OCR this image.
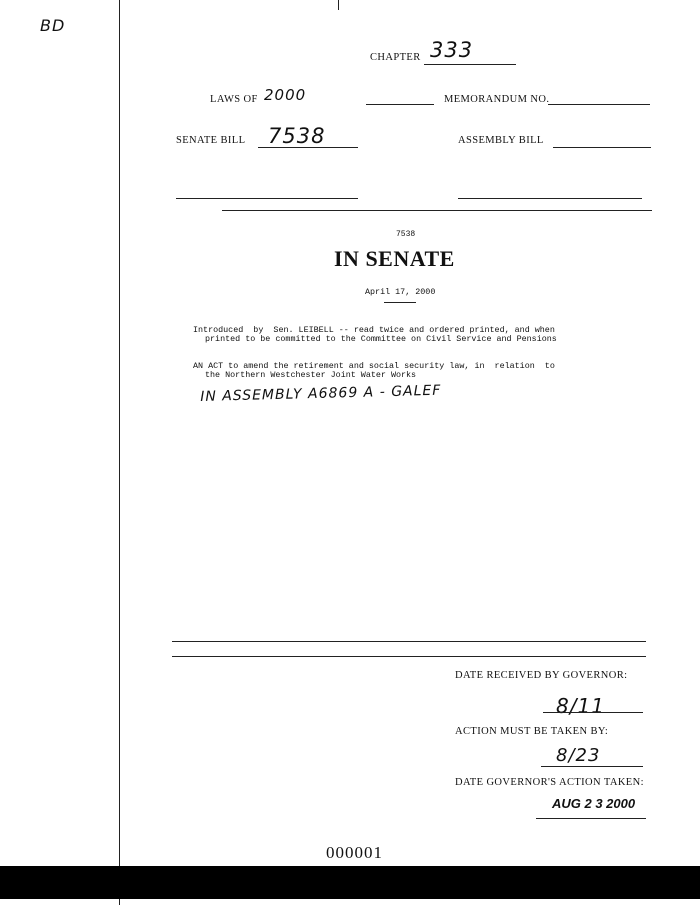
BD
CHAPTER 333
LAWS OF 2000	MEMORANDUM NO.
SENATE BILL 7538	ASSEMBLY BILL
7538
IN SENATE
April 17, 2000
Introduced  by  Sen. LEIBELL -- read twice and ordered printed, and when
printed to be committed to the Committee on Civil Service and Pensions
AN ACT to amend the retirement and social security law, in  relation  to
the Northern Westchester Joint Water Works
IN ASSEMBLY A6869 A - GALEF
DATE RECEIVED BY GOVERNOR:
8/11
ACTION MUST BE TAKEN BY:
8/23
DATE GOVERNOR'S ACTION TAKEN:
AUG 2 3 2000
000001
